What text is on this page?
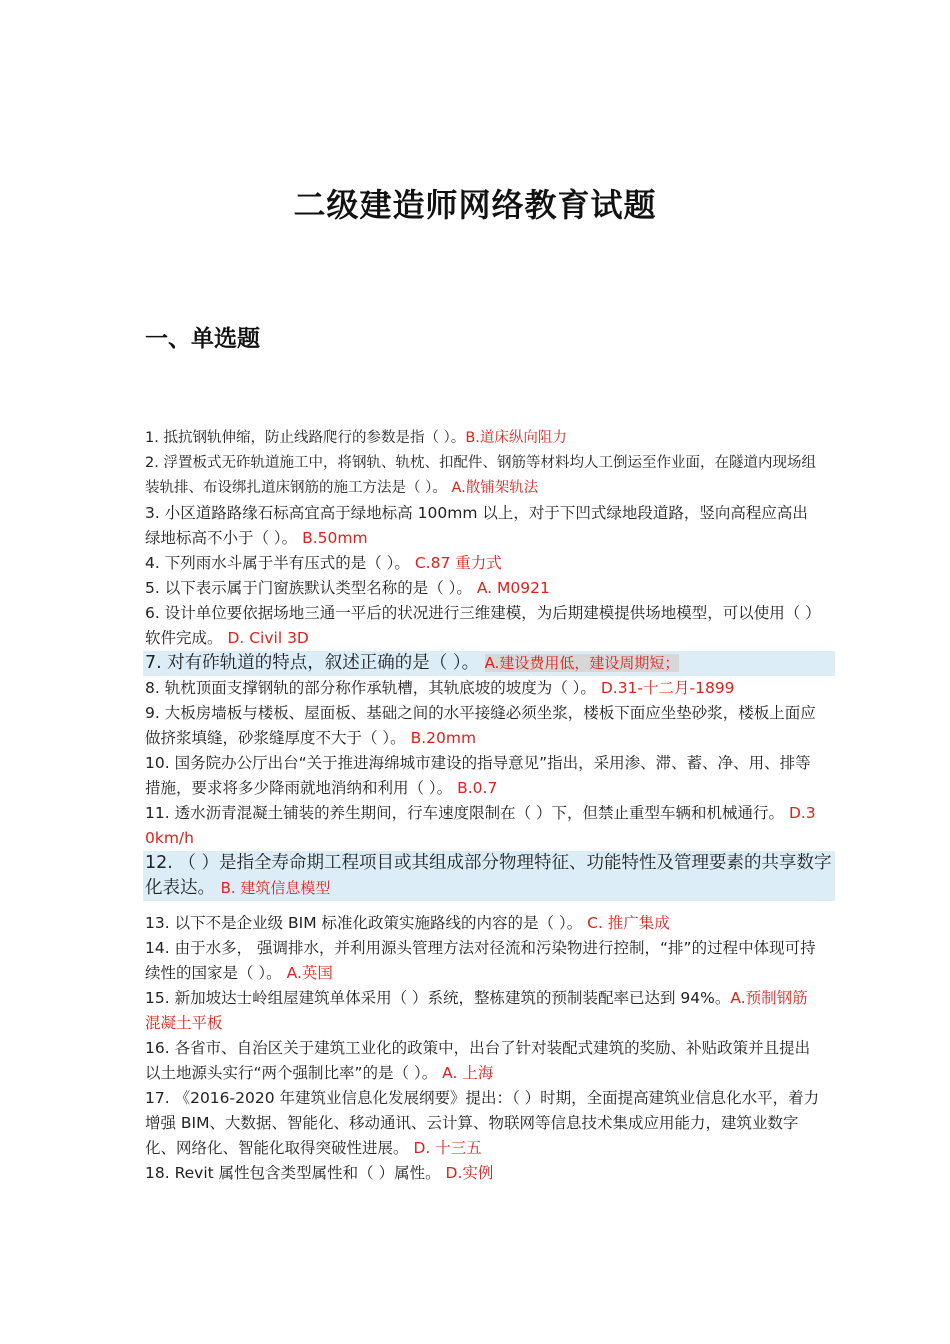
二级建造师网络教育试题
一、单选题
1. 抵抗钢轨伸缩，防止线路爬行的参数是指（ ）。B.道床纵向阻力
2. 浮置板式无砟轨道施工中，将钢轨、轨枕、扣配件、钢筋等材料均人工倒运至作业面，在隧道内现场组装轨排、布设绑扎道床钢筋的施工方法是（ ）。 A.散铺架轨法
3. 小区道路路缘石标高宜高于绿地标高 100mm 以上，对于下凹式绿地段道路，竖向高程应高出绿地标高不小于（ ）。 B.50mm
4. 下列雨水斗属于半有压式的是（ ）。 C.87 重力式
5. 以下表示属于门窗族默认类型名称的是（ ）。 A. M0921
6. 设计单位要依据场地三通一平后的状况进行三维建模，为后期建模提供场地模型，可以使用（ ）软件完成。 D. Civil 3D
7. 对有砟轨道的特点，叙述正确的是（ ）。 A.建设费用低，建设周期短；
8. 轨枕顶面支撑钢轨的部分称作承轨槽，其轨底坡的坡度为（ ）。 D.31-十二月-1899
9. 大板房墙板与楼板、屋面板、基础之间的水平接缝必须坐浆，楼板下面应坐垫砂浆，楼板上面应做挤浆填缝，砂浆缝厚度不大于（ ）。 B.20mm
10. 国务院办公厅出台“关于推进海绵城市建设的指导意见”指出，采用渗、滞、蓄、净、用、排等措施，要求将多少降雨就地消纳和利用（ ）。 B.0.7
11. 透水沥青混凝土铺装的养生期间，行车速度限制在（ ）下，但禁止重型车辆和机械通行。 D.30km/h
12. （ ）是指全寿命期工程项目或其组成部分物理特征、功能特性及管理要素的共享数字化表达。 B. 建筑信息模型
13. 以下不是企业级 BIM 标准化政策实施路线的内容的是（ ）。 C. 推广集成
14. 由于水多， 强调排水，并利用源头管理方法对径流和污染物进行控制，“排”的过程中体现可持续性的国家是（ ）。 A.英国
15. 新加坡达士岭组屋建筑单体采用（ ）系统，整栋建筑的预制装配率已达到 94%。A.预制钢筋混凝土平板
16. 各省市、自治区关于建筑工业化的政策中，出台了针对装配式建筑的奖励、补贴政策并且提出以土地源头实行“两个强制比率”的是（ ）。 A. 上海
17. 《2016-2020 年建筑业信息化发展纲要》提出：（ ）时期，全面提高建筑业信息化水平，着力增强 BIM、大数据、智能化、移动通讯、云计算、物联网等信息技术集成应用能力，建筑业数字化、网络化、智能化取得突破性进展。 D. 十三五
18. Revit 属性包含类型属性和（ ）属性。 D.实例
